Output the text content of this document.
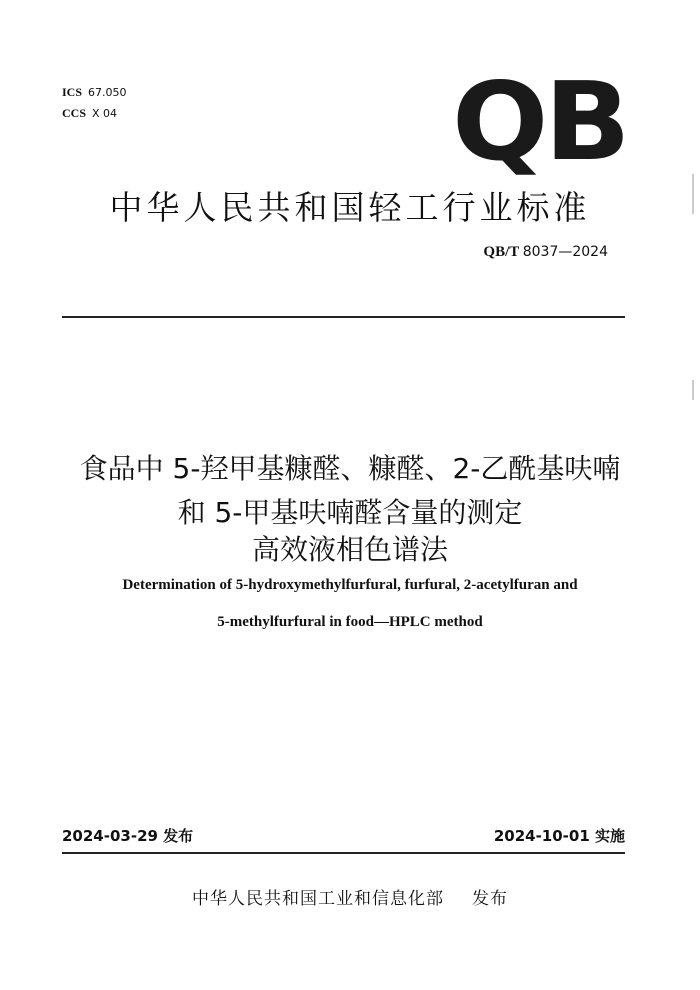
ICS 67.050
CCS X 04	QB
中华人民共和国轻工行业标准
QB/T 8037—2024
食品中 5-羟甲基糠醛、糠醛、2-乙酰基呋喃
和 5-甲基呋喃醛含量的测定
高效液相色谱法
Determination of 5-hydroxymethylfurfural, furfural, 2-acetylfuran and
5-methylfurfural in food—HPLC method
2024-03-29 发布	2024-10-01 实施
中华人民共和国工业和信息化部 发布
